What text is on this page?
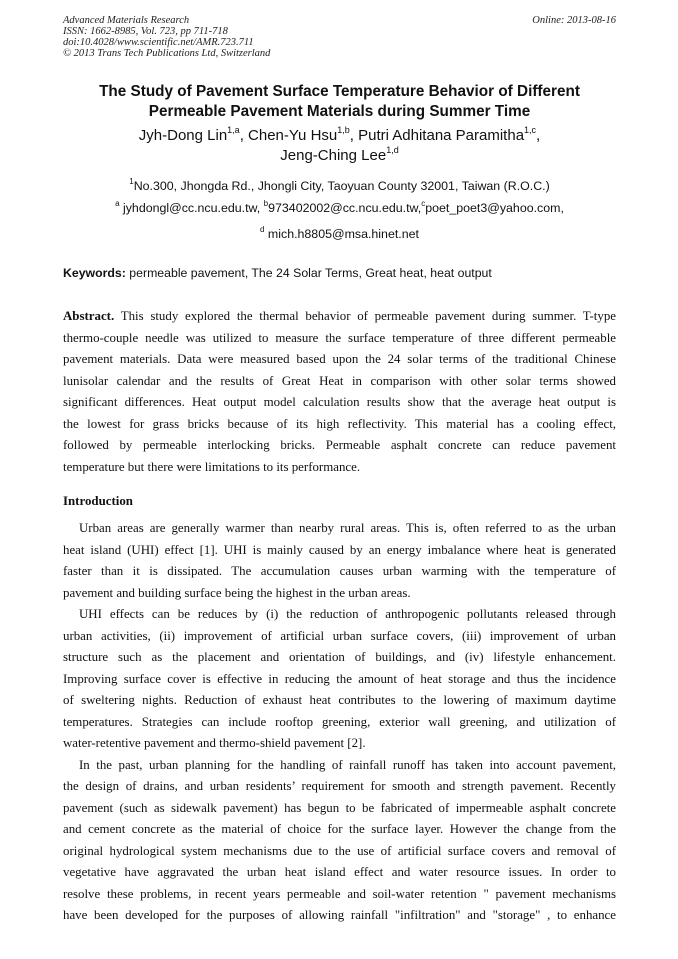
Advanced Materials Research
ISSN: 1662-8985, Vol. 723, pp 711-718
doi:10.4028/www.scientific.net/AMR.723.711
© 2013 Trans Tech Publications Ltd, Switzerland
Online: 2013-08-16
The Study of Pavement Surface Temperature Behavior of Different
Permeable Pavement Materials during Summer Time
Jyh-Dong Lin$^{1,a}$, Chen-Yu Hsu$^{1,b}$, Putri Adhitana Paramitha$^{1,c}$,
Jeng-Ching Lee$^{1,d}$
$^1$No.300, Jhongda Rd., Jhongli City, Taoyuan County 32001, Taiwan (R.O.C.)
$^a$ jyhdongl@cc.ncu.edu.tw, $^b$973402002@cc.ncu.edu.tw,$^c$poet_poet3@yahoo.com,
$^d$ mich.h8805@msa.hinet.net
Keywords: permeable pavement, The 24 Solar Terms, Great heat, heat output
Abstract. This study explored the thermal behavior of permeable pavement during summer. T-type
thermo-couple needle was utilized to measure the surface temperature of three different permeable
pavement materials. Data were measured based upon the 24 solar terms of the traditional Chinese
lunisolar calendar and the results of Great Heat in comparison with other solar terms showed
significant differences. Heat output model calculation results show that the average heat output is
the lowest for grass bricks because of its high reflectivity. This material has a cooling effect,
followed by permeable interlocking bricks. Permeable asphalt concrete can reduce pavement
temperature but there were limitations to its performance.
Introduction
Urban areas are generally warmer than nearby rural areas. This is, often referred to as the urban
heat island (UHI) effect [1]. UHI is mainly caused by an energy imbalance where heat is generated
faster than it is dissipated. The accumulation causes urban warming with the temperature of
pavement and building surface being the highest in the urban areas.
UHI effects can be reduces by (i) the reduction of anthropogenic pollutants released through
urban activities, (ii) improvement of artificial urban surface covers, (iii) improvement of urban
structure such as the placement and orientation of buildings, and (iv) lifestyle enhancement.
Improving surface cover is effective in reducing the amount of heat storage and thus the incidence
of sweltering nights. Reduction of exhaust heat contributes to the lowering of maximum daytime
temperatures. Strategies can include rooftop greening, exterior wall greening, and utilization of
water-retentive pavement and thermo-shield pavement [2].
In the past, urban planning for the handling of rainfall runoff has taken into account pavement,
the design of drains, and urban residents’ requirement for smooth and strength pavement. Recently
pavement (such as sidewalk pavement) has begun to be fabricated of impermeable asphalt concrete
and cement concrete as the material of choice for the surface layer. However the change from the
original hydrological system mechanisms due to the use of artificial surface covers and removal of
vegetative have aggravated the urban heat island effect and water resource issues. In order to
resolve these problems, in recent years permeable and soil-water retention " pavement mechanisms
have been developed for the purposes of allowing rainfall "infiltration" and "storage" , to enhance
